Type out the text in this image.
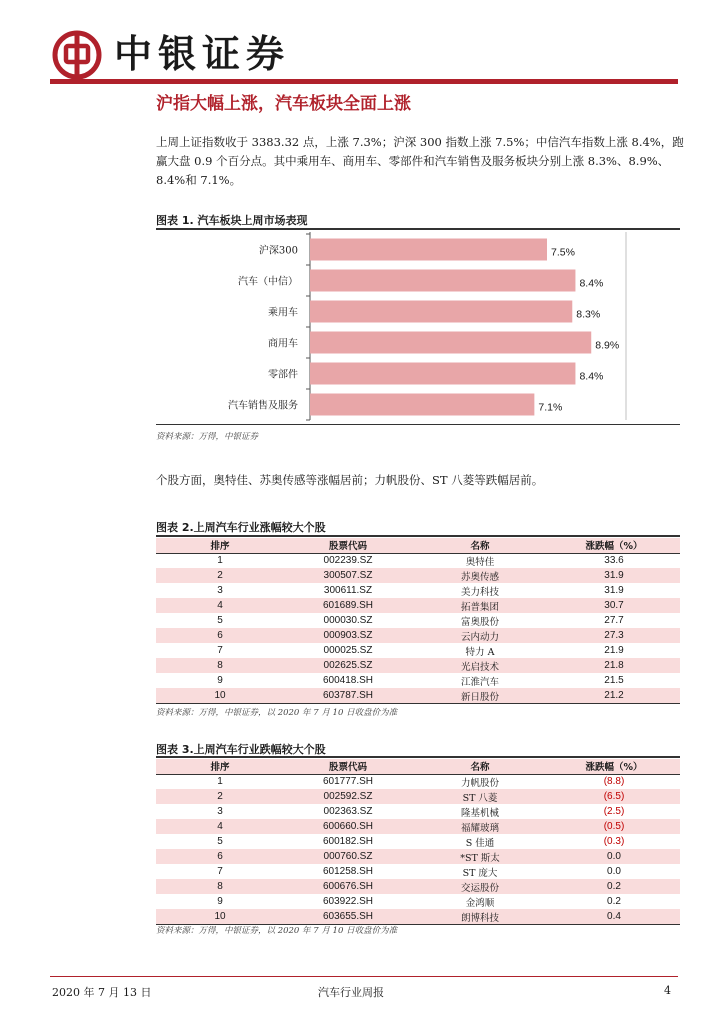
中银证券
沪指大幅上涨，汽车板块全面上涨
上周上证指数收于 3383.32 点，上涨 7.3%；沪深 300 指数上涨 7.5%；中信汽车指数上涨 8.4%，跑赢大盘 0.9 个百分点。其中乘用车、商用车、零部件和汽车销售及服务板块分别上涨 8.3%、8.9%、8.4%和 7.1%。
图表 1. 汽车板块上周市场表现
沪深300	7.5%
汽车（中信）	8.4%
乘用车	8.3%
商用车	8.9%
零部件	8.4%
汽车销售及服务	7.1%
资料来源：万得，中银证券
个股方面，奥特佳、苏奥传感等涨幅居前；力帆股份、ST 八菱等跌幅居前。
图表 2.上周汽车行业涨幅较大个股
排序	股票代码	名称	涨跌幅（%）
1	002239.SZ	奥特佳	33.6
2	300507.SZ	苏奥传感	31.9
3	300611.SZ	美力科技	31.9
4	601689.SH	拓普集团	30.7
5	000030.SZ	富奥股份	27.7
6	000903.SZ	云内动力	27.3
7	000025.SZ	特力 A	21.9
8	002625.SZ	光启技术	21.8
9	600418.SH	江淮汽车	21.5
10	603787.SH	新日股份	21.2
资料来源：万得，中银证券，以 2020 年 7 月 10 日收盘价为准
图表 3.上周汽车行业跌幅较大个股
排序	股票代码	名称	涨跌幅（%）
1	601777.SH	力帆股份	(8.8)
2	002592.SZ	ST 八菱	(6.5)
3	002363.SZ	隆基机械	(2.5)
4	600660.SH	福耀玻璃	(0.5)
5	600182.SH	S 佳通	(0.3)
6	000760.SZ	*ST 斯太	0.0
7	601258.SH	ST 庞大	0.0
8	600676.SH	交运股份	0.2
9	603922.SH	金鸿顺	0.2
10	603655.SH	朗博科技	0.4
资料来源：万得，中银证券，以 2020 年 7 月 10 日收盘价为准
2020 年 7 月 13 日	汽车行业周报	4
